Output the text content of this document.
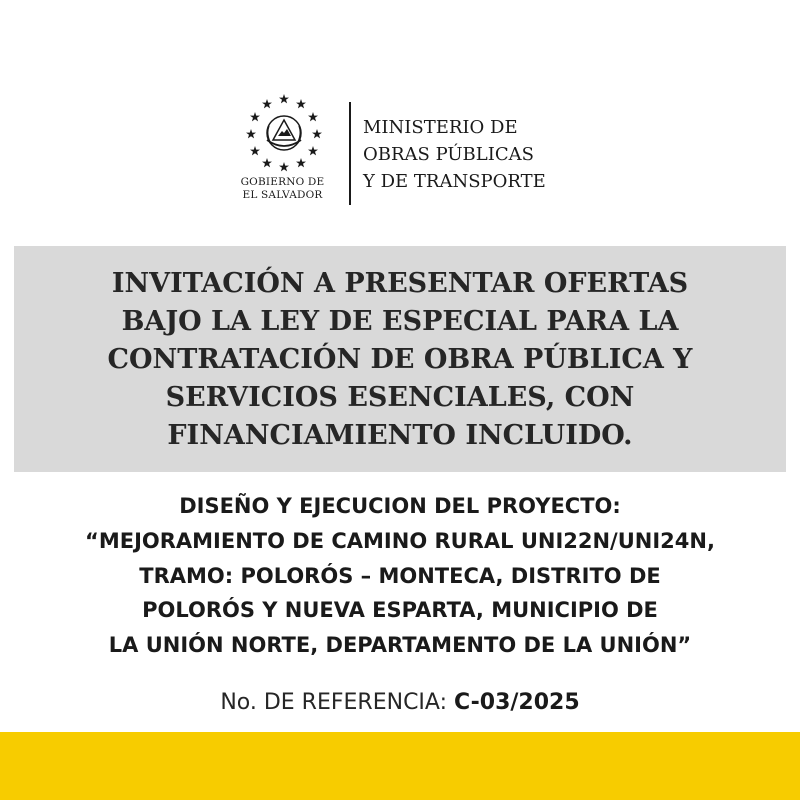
GOBIERNO DE
EL SALVADOR
MINISTERIO DE
OBRAS PÚBLICAS
Y DE TRANSPORTE
INVITACIÓN A PRESENTAR OFERTAS
BAJO LA LEY DE ESPECIAL PARA LA
CONTRATACIÓN DE OBRA PÚBLICA Y
SERVICIOS ESENCIALES, CON
FINANCIAMIENTO INCLUIDO.
DISEÑO Y EJECUCION DEL PROYECTO:
“MEJORAMIENTO DE CAMINO RURAL UNI22N/UNI24N,
TRAMO: POLORÓS – MONTECA, DISTRITO DE
POLORÓS Y NUEVA ESPARTA, MUNICIPIO DE
LA UNIÓN NORTE, DEPARTAMENTO DE LA UNIÓN”
No. DE REFERENCIA: C-03/2025
